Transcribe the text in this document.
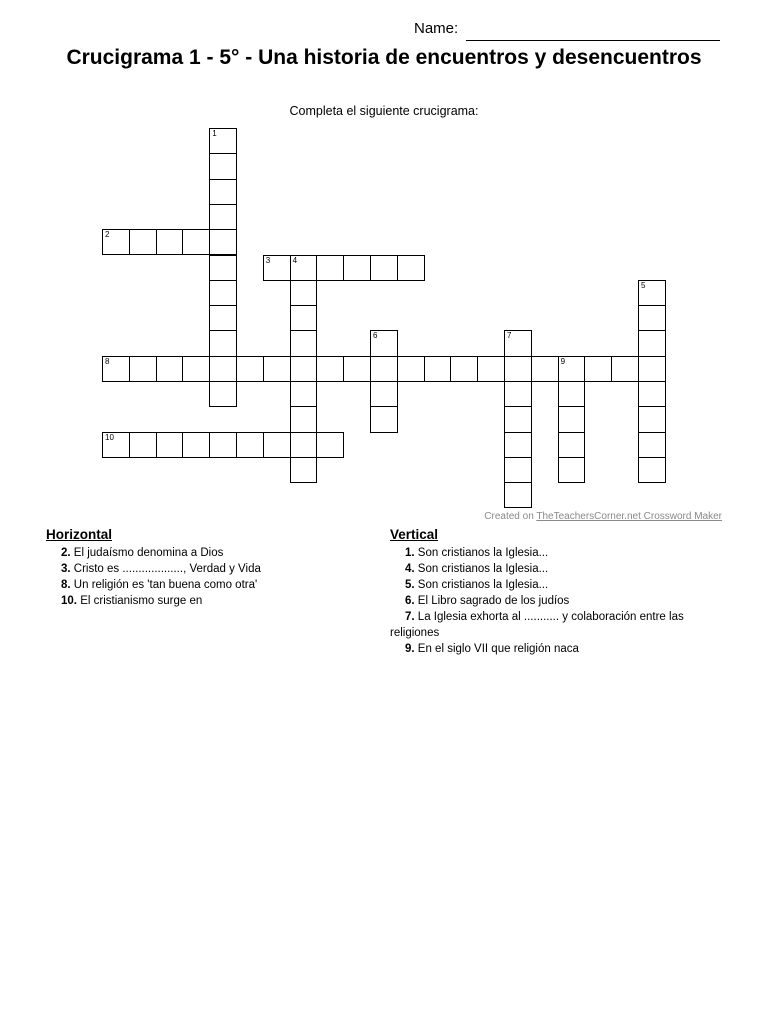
Name:
Crucigrama 1 - 5° - Una historia de encuentros y desencuentros
Completa el siguiente crucigrama:
1
2
3	4
5
6	7
8	9
10
Created on TheTeachersCorner.net Crossword Maker
Horizontal
2. El judaísmo denomina a Dios
3. Cristo es ..................., Verdad y Vida
8. Un religión es 'tan buena como otra'
10. El cristianismo surge en
Vertical
1. Son cristianos la Iglesia...
4. Son cristianos la Iglesia...
5. Son cristianos la Iglesia...
6. El Libro sagrado de los judíos
7. La Iglesia exhorta al ........... y colaboración entre las religiones
9. En el siglo VII que religión naca
